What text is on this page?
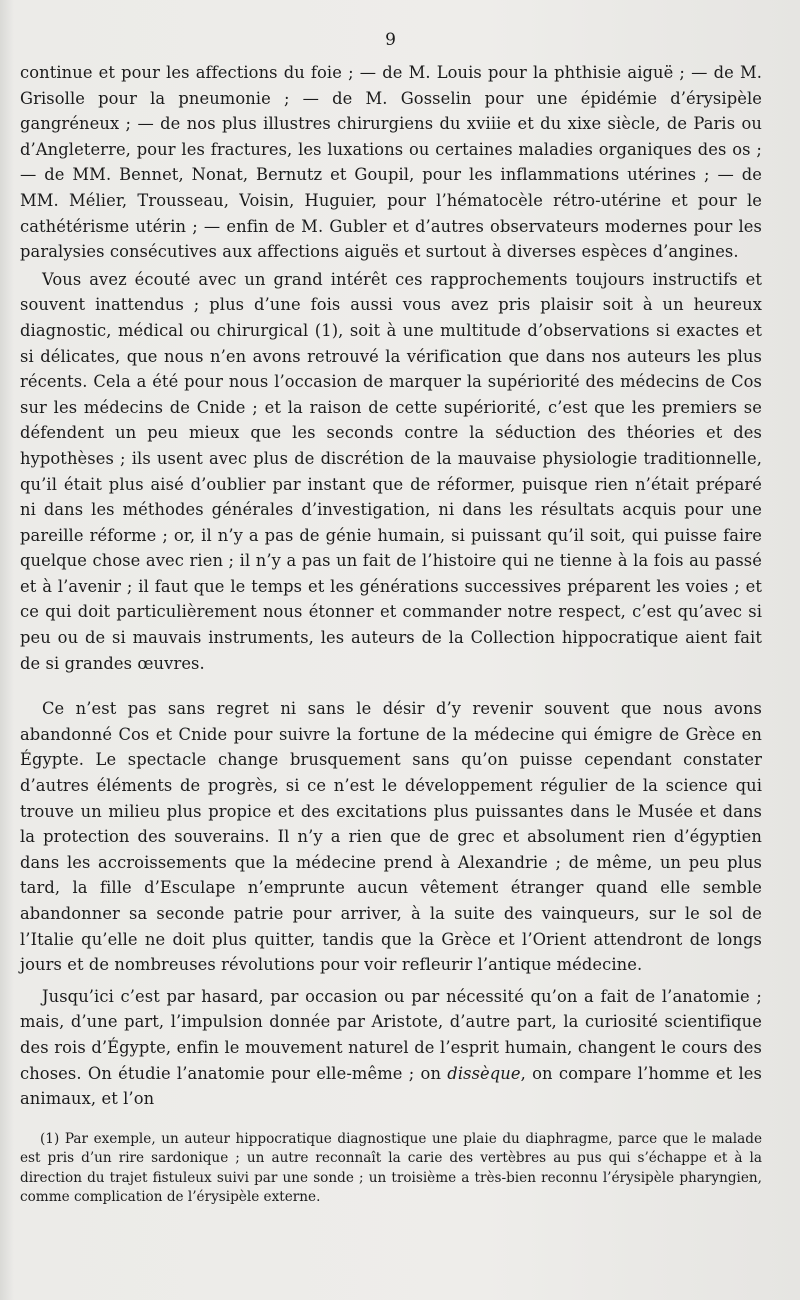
9

continue et pour les affections du foie ; — de M. Louis pour la phthisie aiguë ; — de M. Grisolle pour la pneumonie ; — de M. Gosselin pour une épidémie d’érysipèle gangréneux ; — de nos plus illustres chirurgiens du xviiie et du xixe siècle, de Paris ou d’Angleterre, pour les fractures, les luxations ou certaines maladies organiques des os ; — de MM. Bennet, Nonat, Bernutz et Goupil, pour les inflammations utérines ; — de MM. Mélier, Trousseau, Voisin, Huguier, pour l’hématocèle rétro-utérine et pour le cathétérisme utérin ; — enfin de M. Gubler et d’autres observateurs modernes pour les paralysies consécutives aux affections aiguës et surtout à diverses espèces d’angines.

Vous avez écouté avec un grand intérêt ces rapprochements toujours instructifs et souvent inattendus ; plus d’une fois aussi vous avez pris plaisir soit à un heureux diagnostic, médical ou chirurgical (1), soit à une multitude d’observations si exactes et si délicates, que nous n’en avons retrouvé la vérification que dans nos auteurs les plus récents. Cela a été pour nous l’occasion de marquer la supériorité des médecins de Cos sur les médecins de Cnide ; et la raison de cette supériorité, c’est que les premiers se défendent un peu mieux que les seconds contre la séduction des théories et des hypothèses ; ils usent avec plus de discrétion de la mauvaise physiologie traditionnelle, qu’il était plus aisé d’oublier par instant que de réformer, puisque rien n’était préparé ni dans les méthodes générales d’investigation, ni dans les résultats acquis pour une pareille réforme ; or, il n’y a pas de génie humain, si puissant qu’il soit, qui puisse faire quelque chose avec rien ; il n’y a pas un fait de l’histoire qui ne tienne à la fois au passé et à l’avenir ; il faut que le temps et les générations successives préparent les voies ; et ce qui doit particulièrement nous étonner et commander notre respect, c’est qu’avec si peu ou de si mauvais instruments, les auteurs de la Collection hippocratique aient fait de si grandes œuvres.

Ce n’est pas sans regret ni sans le désir d’y revenir souvent que nous avons abandonné Cos et Cnide pour suivre la fortune de la médecine qui émigre de Grèce en Égypte. Le spectacle change brusquement sans qu’on puisse cependant constater d’autres éléments de progrès, si ce n’est le développement régulier de la science qui trouve un milieu plus propice et des excitations plus puissantes dans le Musée et dans la protection des souverains. Il n’y a rien que de grec et absolument rien d’égyptien dans les accroissements que la médecine prend à Alexandrie ; de même, un peu plus tard, la fille d’Esculape n’emprunte aucun vêtement étranger quand elle semble abandonner sa seconde patrie pour arriver, à la suite des vainqueurs, sur le sol de l’Italie qu’elle ne doit plus quitter, tandis que la Grèce et l’Orient attendront de longs jours et de nombreuses révolutions pour voir refleurir l’antique médecine.

Jusqu’ici c’est par hasard, par occasion ou par nécessité qu’on a fait de l’anatomie ; mais, d’une part, l’impulsion donnée par Aristote, d’autre part, la curiosité scientifique des rois d’Égypte, enfin le mouvement naturel de l’esprit humain, changent le cours des choses. On étudie l’anatomie pour elle-même ; on dissèque, on compare l’homme et les animaux, et l’on

(1) Par exemple, un auteur hippocratique diagnostique une plaie du diaphragme, parce que le malade est pris d’un rire sardonique ; un autre reconnaît la carie des vertèbres au pus qui s’échappe et à la direction du trajet fistuleux suivi par une sonde ; un troisième a très-bien reconnu l’érysipèle pharyngien, comme complication de l’érysipèle externe.
